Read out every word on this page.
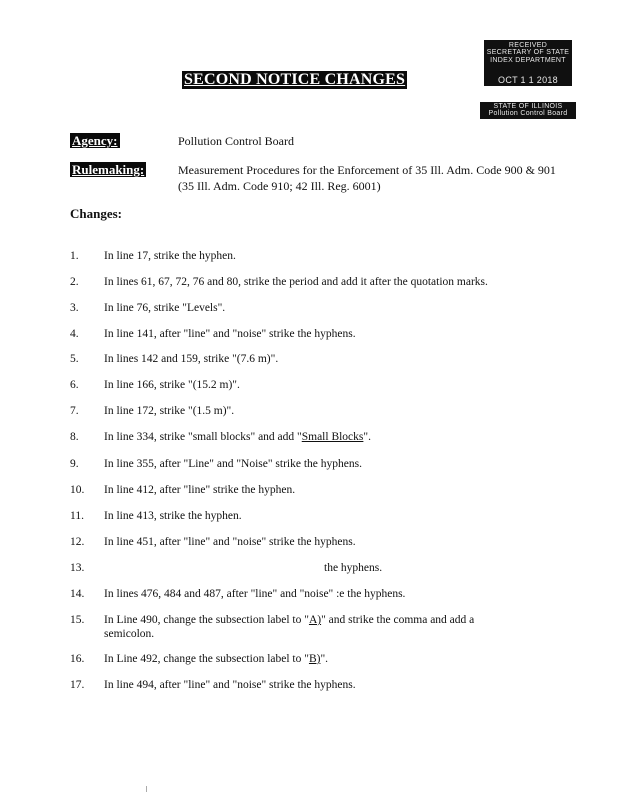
RECEIVED
SECRETARY OF STATE
INDEX DEPARTMENT
OCT 1 1 2018
SECOND NOTICE CHANGES
STATE OF ILLINOIS
Pollution Control Board
Agency:	Pollution Control Board
Rulemaking:	Measurement Procedures for the Enforcement of 35 Ill. Adm. Code 900 & 901 (35 Ill. Adm. Code 910; 42 Ill. Reg. 6001)
Changes:
1.	In line 17, strike the hyphen.
2.	In lines 61, 67, 72, 76 and 80, strike the period and add it after the quotation marks.
3.	In line 76, strike "Levels".
4.	In line 141, after "line" and "noise" strike the hyphens.
5.	In lines 142 and 159, strike "(7.6 m)".
6.	In line 166, strike "(15.2 m)".
7.	In line 172, strike "(1.5 m)".
8.	In line 334, strike "small blocks" and add "Small Blocks".
9.	In line 355, after "Line" and "Noise" strike the hyphens.
10.	In line 412, after "line" strike the hyphen.
11.	In line 413, strike the hyphen.
12.	In line 451, after "line" and "noise" strike the hyphens.
13.	the hyphens.
14.	In lines 476, 484 and 487, after "line" and "noise" :e the hyphens.
15.	In Line 490, change the subsection label to "A)" and strike the comma and add a semicolon.
16.	In Line 492, change the subsection label to "B)".
17.	In line 494, after "line" and "noise" strike the hyphens.
